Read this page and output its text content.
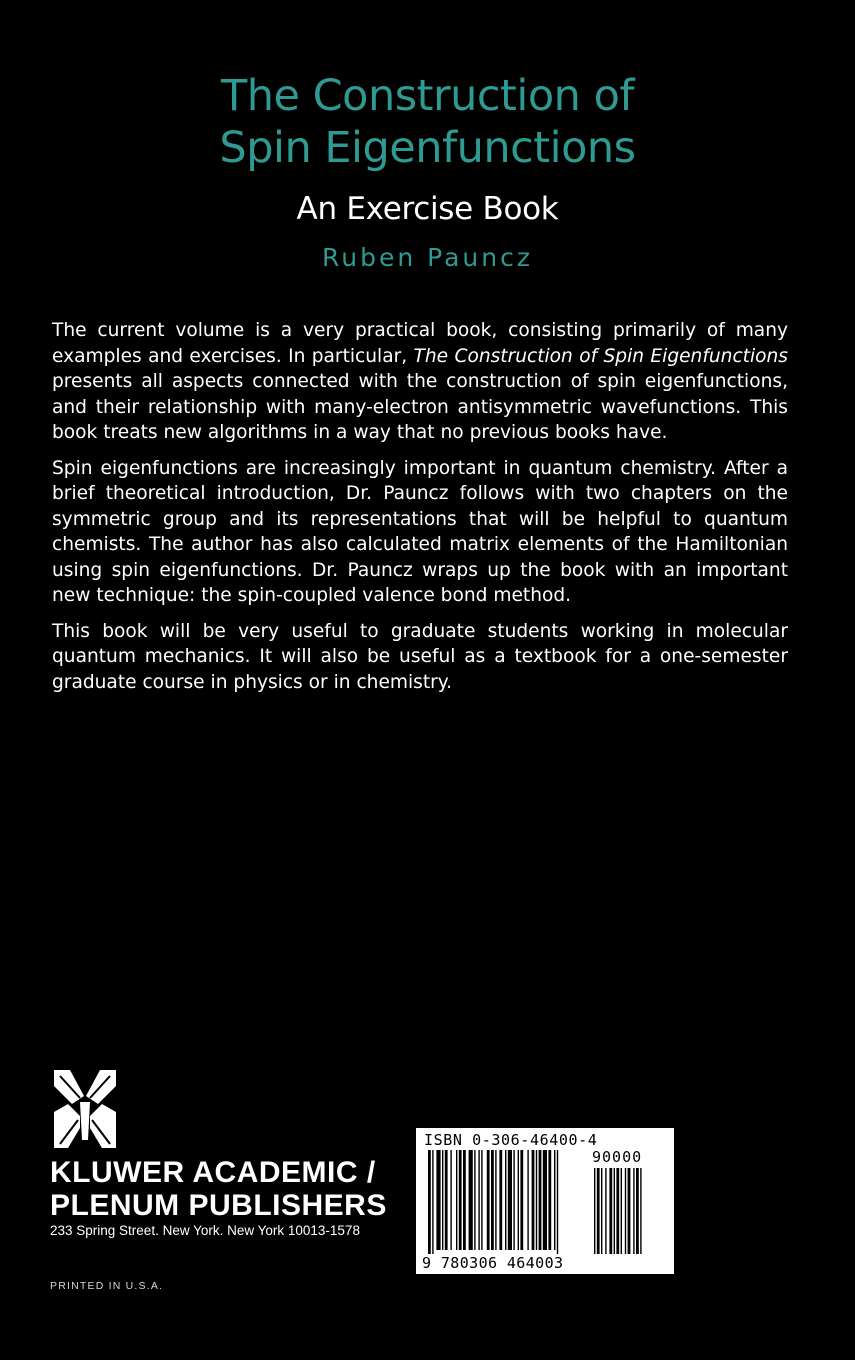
The Construction of
Spin Eigenfunctions
An Exercise Book
Ruben Pauncz

The current volume is a very practical book, consisting primarily of many examples and exercises. In particular, The Construction of Spin Eigenfunctions presents all aspects connected with the construction of spin eigenfunctions, and their relationship with many-electron antisymmetric wavefunctions. This book treats new algorithms in a way that no previous books have.

Spin eigenfunctions are increasingly important in quantum chemistry. After a brief theoretical introduction, Dr. Pauncz follows with two chapters on the symmetric group and its representations that will be helpful to quantum chemists. The author has also calculated matrix elements of the Hamiltonian using spin eigenfunctions. Dr. Pauncz wraps up the book with an important new technique: the spin-coupled valence bond method.

This book will be very useful to graduate students working in molecular quantum mechanics. It will also be useful as a textbook for a one-semester graduate course in physics or in chemistry.

KLUWER ACADEMIC /
PLENUM PUBLISHERS
233 Spring Street. New York. New York 10013-1578
PRINTED IN U.S.A.
ISBN 0-306-46400-4
90000
9 780306 464003
